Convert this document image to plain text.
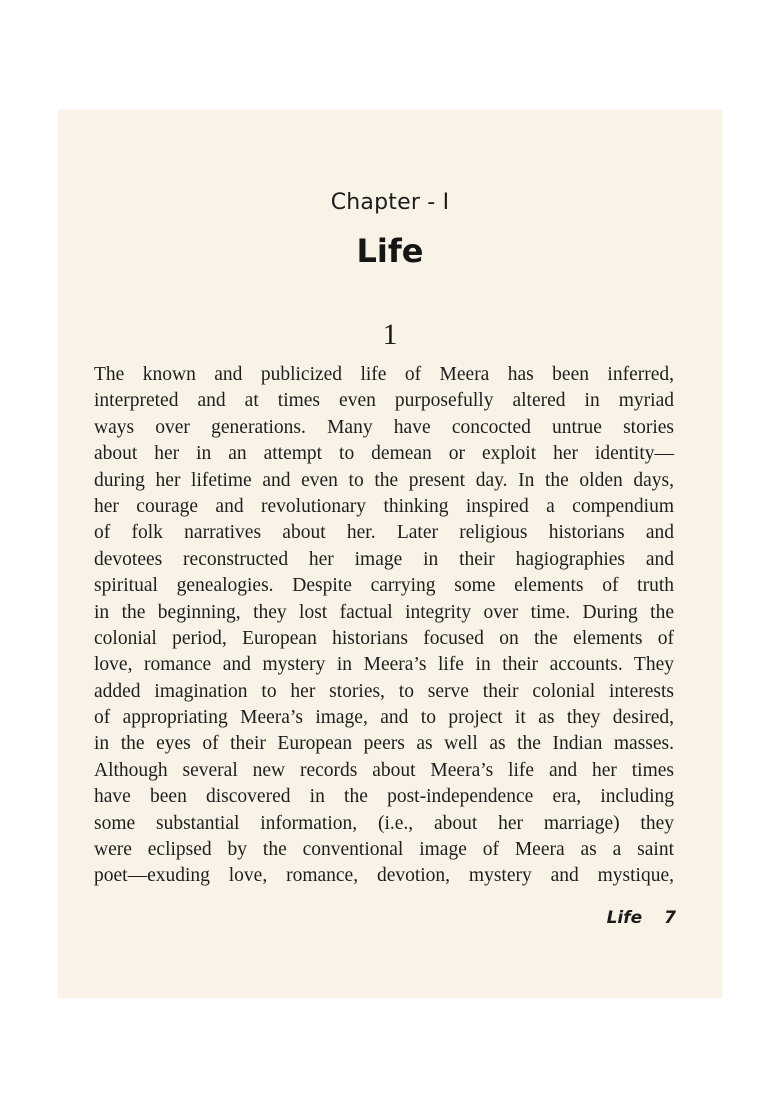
Chapter - I
Life
1
The known and publicized life of Meera has been inferred,
interpreted and at times even purposefully altered in myriad
ways over generations. Many have concocted untrue stories
about her in an attempt to demean or exploit her identity—
during her lifetime and even to the present day. In the olden days,
her courage and revolutionary thinking inspired a compendium
of folk narratives about her. Later religious historians and
devotees reconstructed her image in their hagiographies and
spiritual genealogies. Despite carrying some elements of truth
in the beginning, they lost factual integrity over time. During the
colonial period, European historians focused on the elements of
love, romance and mystery in Meera’s life in their accounts. They
added imagination to her stories, to serve their colonial interests
of appropriating Meera’s image, and to project it as they desired,
in the eyes of their European peers as well as the Indian masses.
Although several new records about Meera’s life and her times
have been discovered in the post-independence era, including
some substantial information, (i.e., about her marriage) they
were eclipsed by the conventional image of Meera as a saint
poet—exuding love, romance, devotion, mystery and mystique,
Life 7
